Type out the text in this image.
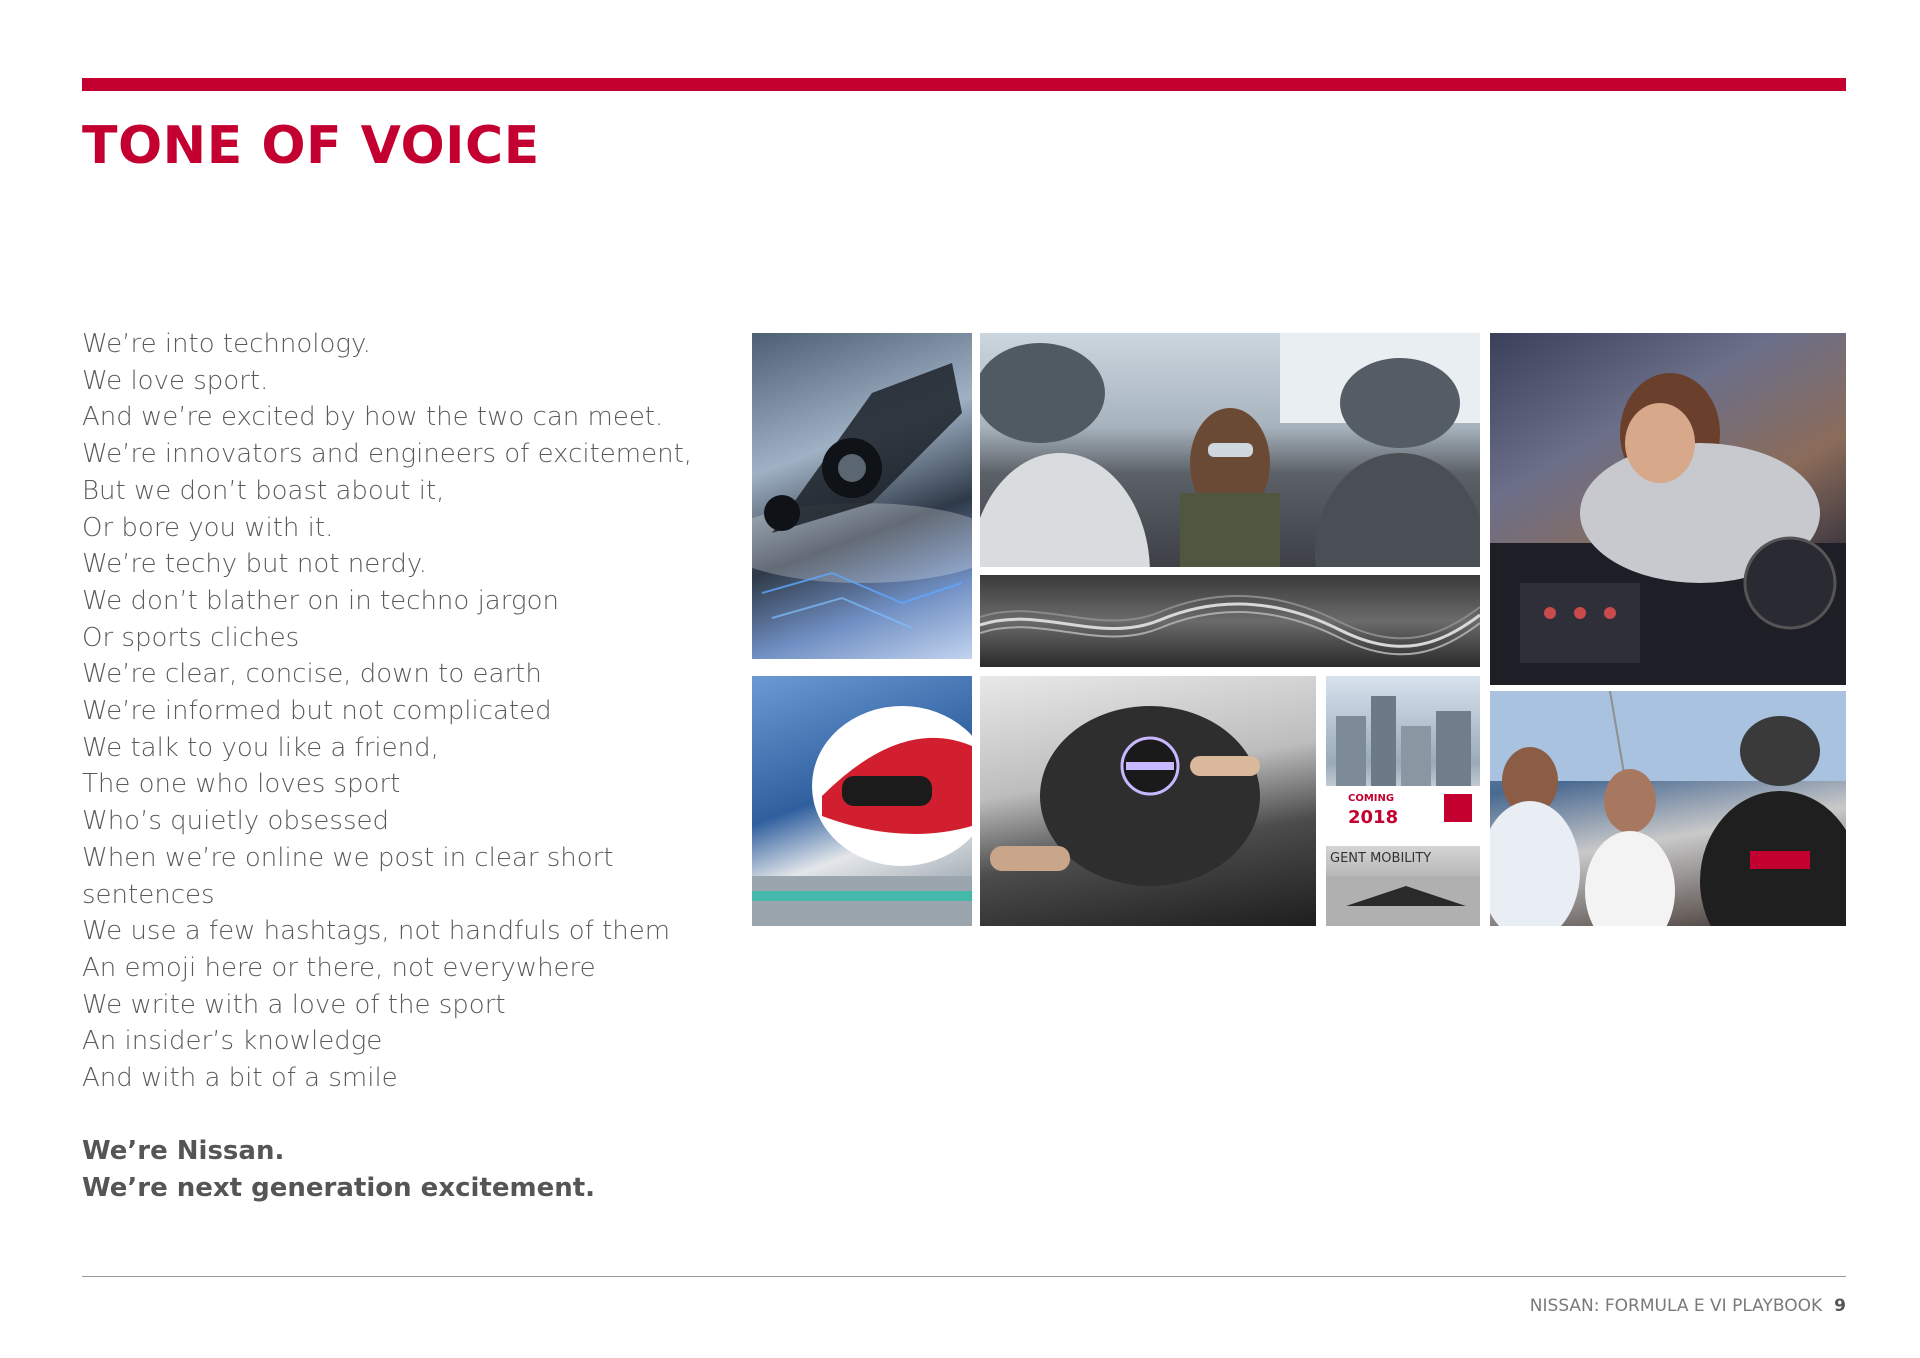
TONE OF VOICE

We’re into technology.

We love sport.

And we’re excited by how the two can meet.

We’re innovators and engineers of excitement,

But we don’t boast about it,

Or bore you with it.

We’re techy but not nerdy.

We don’t blather on in techno jargon

Or sports cliches

We’re clear, concise, down to earth

We’re informed but not complicated

We talk to you like a friend,

The one who loves sport

Who’s quietly obsessed

When we’re online we post in clear short

sentences

We use a few hashtags, not handfuls of them

An emoji here or there, not everywhere

We write with a love of the sport

An insider’s knowledge

And with a bit of a smile

We’re Nissan.

We’re next generation excitement.

COMING
2018
GENT MOBILITY
NISSAN: FORMULA E VI PLAYBOOK 9
